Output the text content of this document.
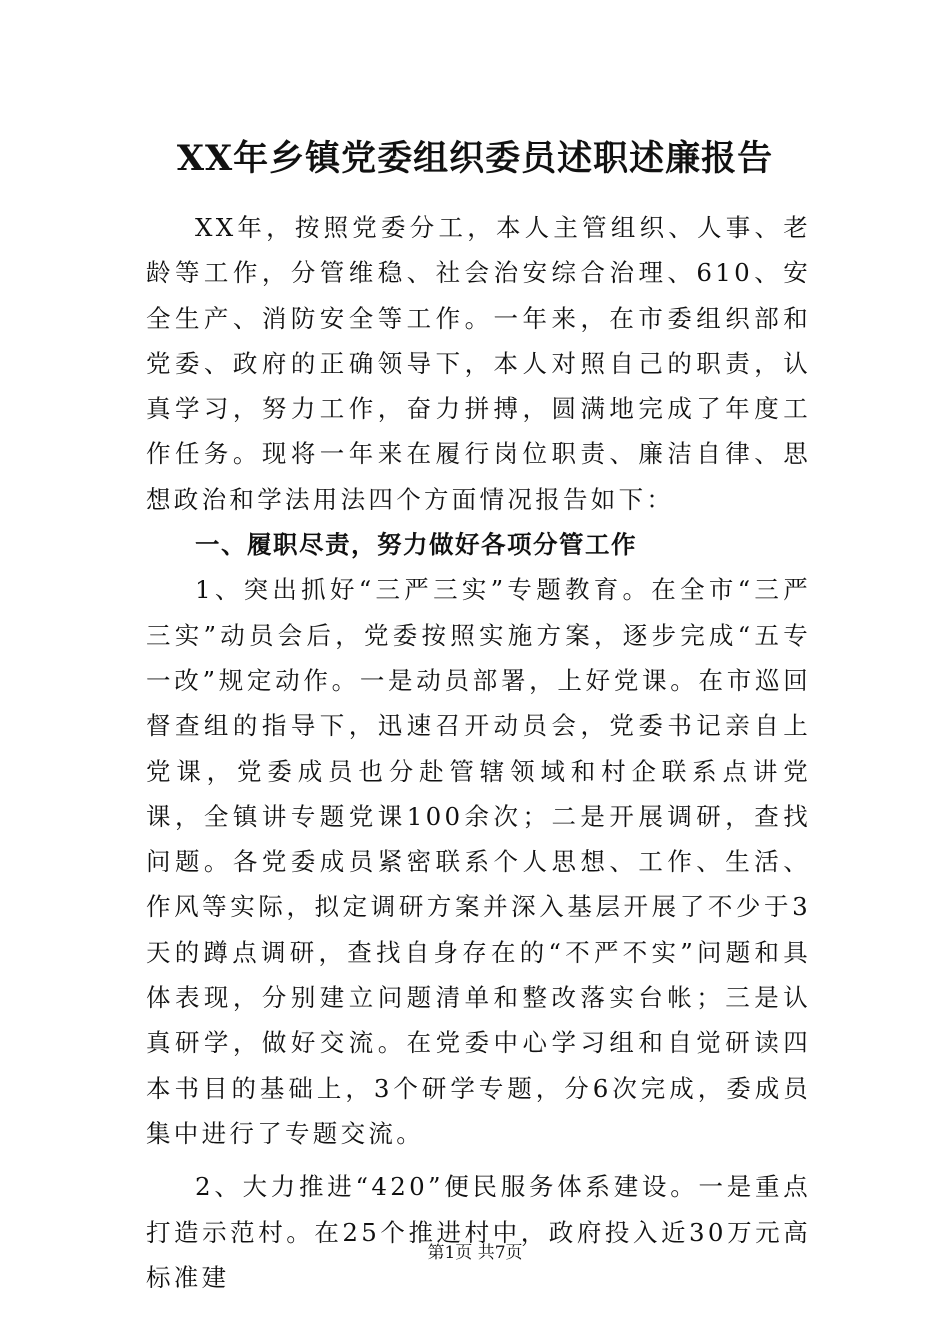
XX年乡镇党委组织委员述职述廉报告

XX年，按照党委分工，本人主管组织、人事、老龄等工作，分管维稳、社会治安综合治理、610、安全生产、消防安全等工作。一年来，在市委组织部和党委、政府的正确领导下，本人对照自己的职责，认真学习，努力工作，奋力拼搏，圆满地完成了年度工作任务。现将一年来在履行岗位职责、廉洁自律、思想政治和学法用法四个方面情况报告如下：

一、履职尽责，努力做好各项分管工作

1、突出抓好“三严三实”专题教育。在全市“三严三实”动员会后，党委按照实施方案，逐步完成“五专一改”规定动作。一是动员部署，上好党课。在市巡回督查组的指导下，迅速召开动员会，党委书记亲自上党课，党委成员也分赴管辖领域和村企联系点讲党课，全镇讲专题党课100余次；二是开展调研，查找问题。各党委成员紧密联系个人思想、工作、生活、作风等实际，拟定调研方案并深入基层开展了不少于3天的蹲点调研，查找自身存在的“不严不实”问题和具体表现，分别建立问题清单和整改落实台帐；三是认真研学，做好交流。在党委中心学习组和自觉研读四本书目的基础上，3个研学专题，分6次完成，委成员集中进行了专题交流。

2、大力推进“420”便民服务体系建设。一是重点打造示范村。在25个推进村中，政府投入近30万元高标准建

第1页 共7页
